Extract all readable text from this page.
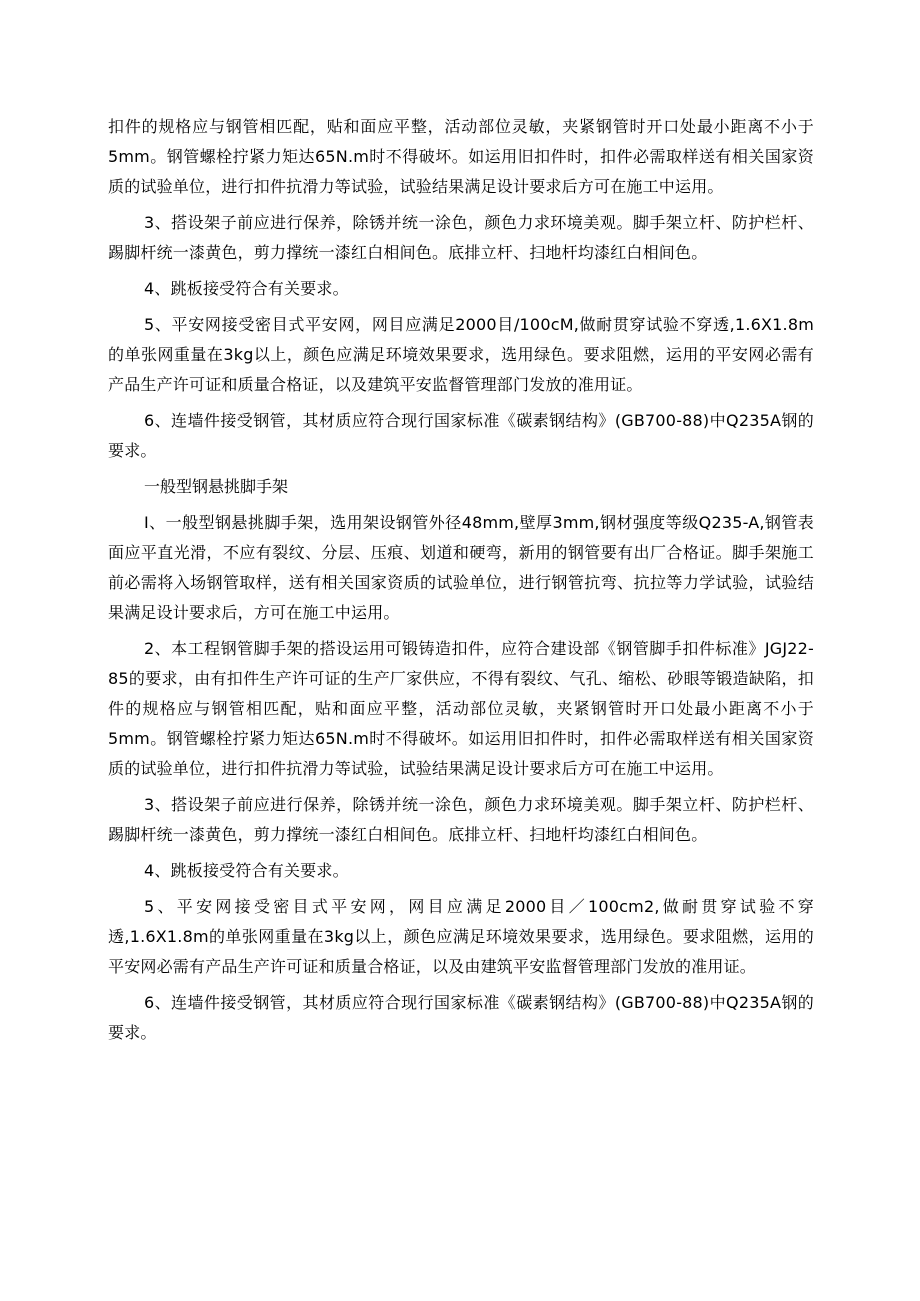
扣件的规格应与钢管相匹配，贴和面应平整，活动部位灵敏，夹紧钢管时开口处最小距离不小于5mm。钢管螺栓拧紧力矩达65N.m时不得破坏。如运用旧扣件时，扣件必需取样送有相关国家资质的试验单位，进行扣件抗滑力等试验，试验结果满足设计要求后方可在施工中运用。

3、搭设架子前应进行保养，除锈并统一涂色，颜色力求环境美观。脚手架立杆、防护栏杆、踢脚杆统一漆黄色，剪力撑统一漆红白相间色。底排立杆、扫地杆均漆红白相间色。

4、跳板接受符合有关要求。

5、平安网接受密目式平安网，网目应满足2000目/100cM,做耐贯穿试验不穿透,1.6X1.8m的单张网重量在3kg以上，颜色应满足环境效果要求，选用绿色。要求阻燃，运用的平安网必需有产品生产许可证和质量合格证，以及建筑平安监督管理部门发放的准用证。

6、连墙件接受钢管，其材质应符合现行国家标准《碳素钢结构》(GB700-88)中Q235A钢的要求。

一般型钢悬挑脚手架

I、一般型钢悬挑脚手架，选用架设钢管外径48mm,壁厚3mm,钢材强度等级Q235-A,钢管表面应平直光滑，不应有裂纹、分层、压痕、划道和硬弯，新用的钢管要有出厂合格证。脚手架施工前必需将入场钢管取样，送有相关国家资质的试验单位，进行钢管抗弯、抗拉等力学试验，试验结果满足设计要求后，方可在施工中运用。

2、本工程钢管脚手架的搭设运用可锻铸造扣件，应符合建设部《钢管脚手扣件标准》JGJ22-85的要求，由有扣件生产许可证的生产厂家供应，不得有裂纹、气孔、缩松、砂眼等锻造缺陷，扣件的规格应与钢管相匹配，贴和面应平整，活动部位灵敏，夹紧钢管时开口处最小距离不小于5mm。钢管螺栓拧紧力矩达65N.m时不得破坏。如运用旧扣件时，扣件必需取样送有相关国家资质的试验单位，进行扣件抗滑力等试验，试验结果满足设计要求后方可在施工中运用。

3、搭设架子前应进行保养，除锈并统一涂色，颜色力求环境美观。脚手架立杆、防护栏杆、踢脚杆统一漆黄色，剪力撑统一漆红白相间色。底排立杆、扫地杆均漆红白相间色。

4、跳板接受符合有关要求。

5、平安网接受密目式平安网，网目应满足2000目／100cm2,做耐贯穿试验不穿透,1.6X1.8m的单张网重量在3kg以上，颜色应满足环境效果要求，选用绿色。要求阻燃，运用的平安网必需有产品生产许可证和质量合格证，以及由建筑平安监督管理部门发放的准用证。

6、连墙件接受钢管，其材质应符合现行国家标准《碳素钢结构》(GB700-88)中Q235A钢的要求。
